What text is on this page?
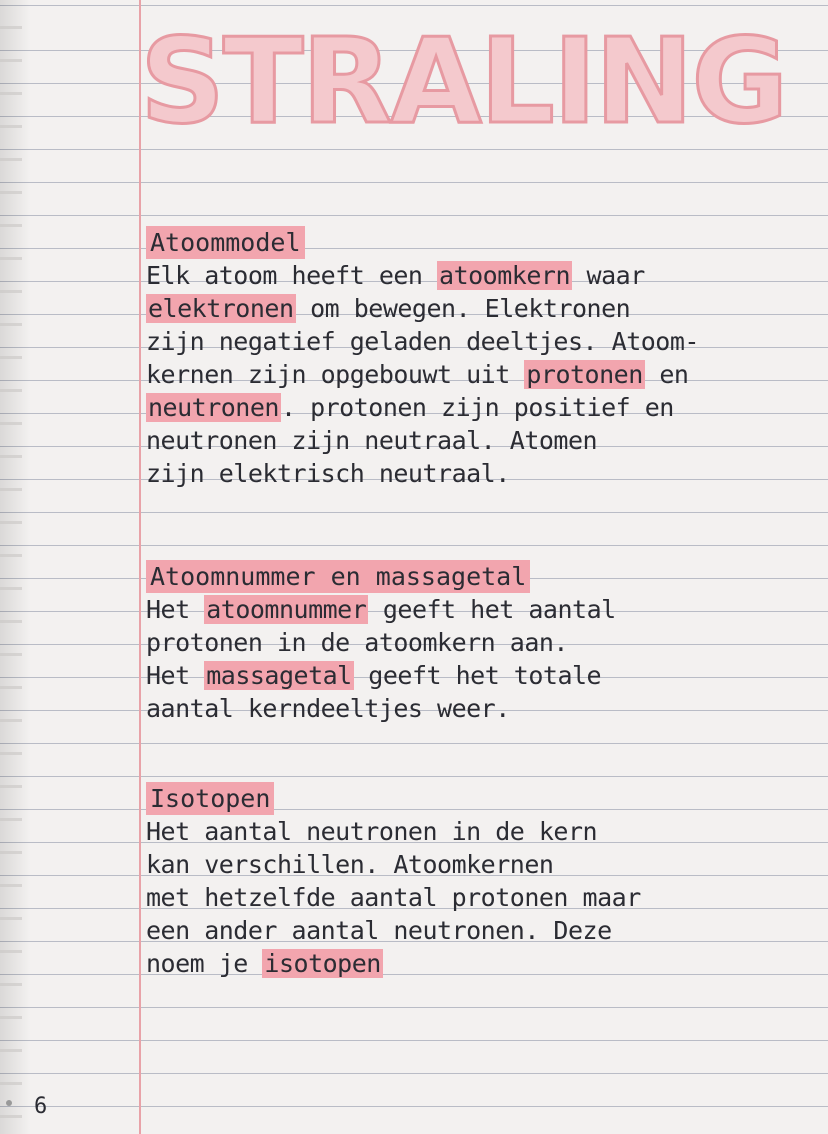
STRALING
Atoommodel

Elk atoom heeft een atoomkern waar

elektronen om bewegen. Elektronen

zijn negatief geladen deeltjes. Atoom-

kernen zijn opgebouwt uit protonen en

neutronen. protonen zijn positief en

neutronen zijn neutraal. Atomen

zijn elektrisch neutraal.

Atoomnummer en massagetal

Het atoomnummer geeft het aantal

protonen in de atoomkern aan.

Het massagetal geeft het totale

aantal kerndeeltjes weer.

Isotopen

Het aantal neutronen in de kern

kan verschillen. Atoomkernen

met hetzelfde aantal protonen maar

een ander aantal neutronen. Deze

noem je isotopen

6
